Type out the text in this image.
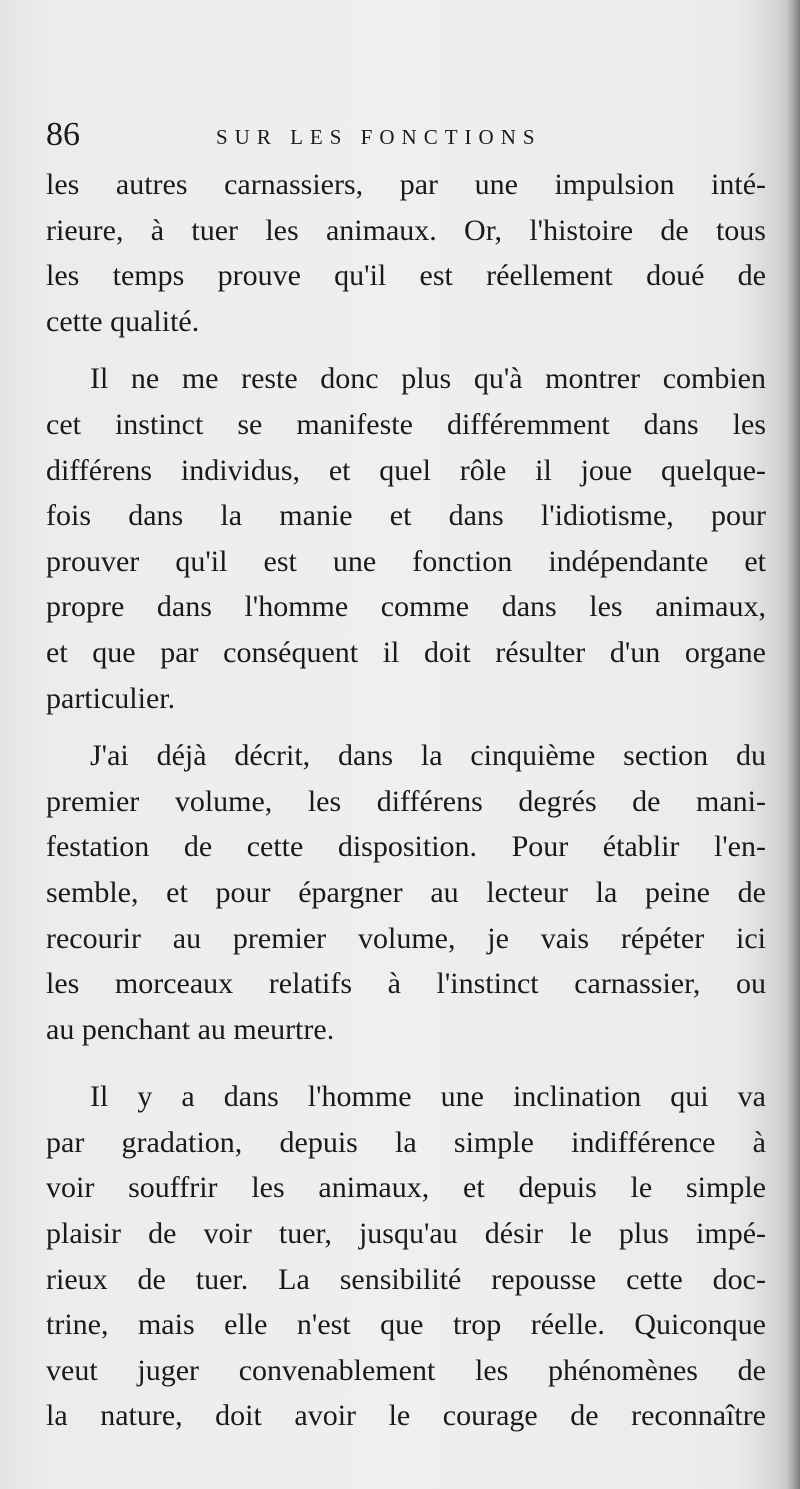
86	SUR LES FONCTIONS
les autres carnassiers, par une impulsion inté-
rieure, à tuer les animaux. Or, l'histoire de tous
les temps prouve qu'il est réellement doué de
cette qualité.
Il ne me reste donc plus qu'à montrer combien
cet instinct se manifeste différemment dans les
différens individus, et quel rôle il joue quelque-
fois dans la manie et dans l'idiotisme, pour
prouver qu'il est une fonction indépendante et
propre dans l'homme comme dans les animaux,
et que par conséquent il doit résulter d'un organe
particulier.
J'ai déjà décrit, dans la cinquième section du
premier volume, les différens degrés de mani-
festation de cette disposition. Pour établir l'en-
semble, et pour épargner au lecteur la peine de
recourir au premier volume, je vais répéter ici
les morceaux relatifs à l'instinct carnassier, ou
au penchant au meurtre.
Il y a dans l'homme une inclination qui va
par gradation, depuis la simple indifférence à
voir souffrir les animaux, et depuis le simple
plaisir de voir tuer, jusqu'au désir le plus impé-
rieux de tuer. La sensibilité repousse cette doc-
trine, mais elle n'est que trop réelle. Quiconque
veut juger convenablement les phénomènes de
la nature, doit avoir le courage de reconnaître
